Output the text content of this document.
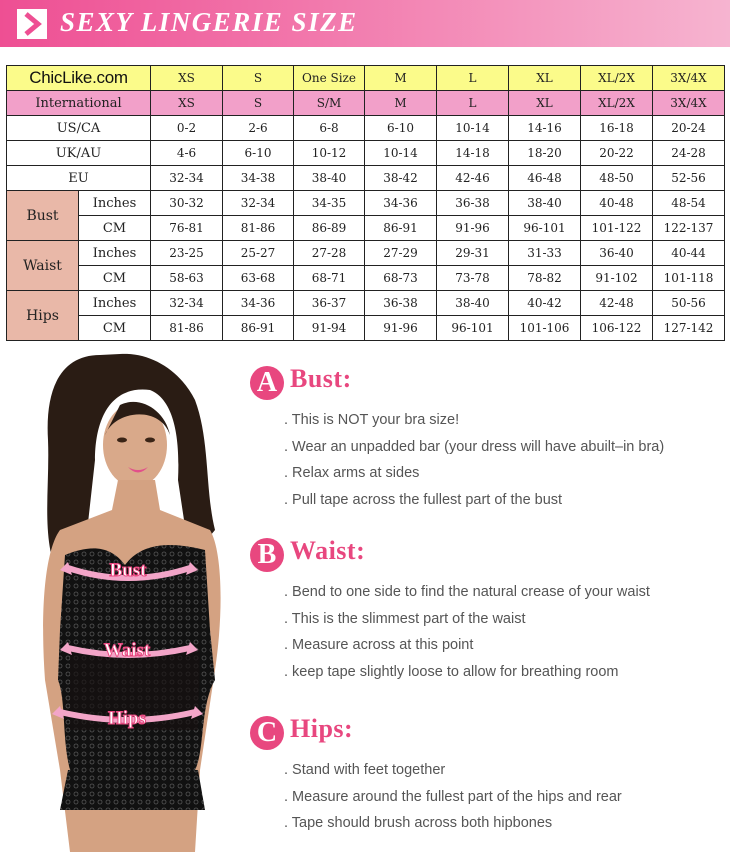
SEXY LINGERIE SIZE
ChicLike.com		XS	S	One Size	M	L	XL	XL/2X	3X/4X
International		XS	S	S/M	M	L	XL	XL/2X	3X/4X
US/CA		0-2	2-6	6-8	6-10	10-14	14-16	16-18	20-24
UK/AU		4-6	6-10	10-12	10-14	14-18	18-20	20-22	24-28
EU		32-34	34-38	38-40	38-42	42-46	46-48	48-50	52-56
Bust	Inches	30-32	32-34	34-35	34-36	36-38	38-40	40-48	48-54
	CM	76-81	81-86	86-89	86-91	91-96	96-101	101-122	122-137
Waist	Inches	23-25	25-27	27-28	27-29	29-31	31-33	36-40	40-44
	CM	58-63	63-68	68-71	68-73	73-78	78-82	91-102	101-118
Hips	Inches	32-34	34-36	36-37	36-38	38-40	40-42	42-48	50-56
	CM	81-86	86-91	91-94	91-96	96-101	101-106	106-122	127-142
Bust
Waist
Hips
A Bust:
. This is NOT your bra size!
. Wear an unpadded bar (your dress will have abuilt–in bra)
. Relax arms at sides
. Pull tape across the fullest part of the bust
B Waist:
. Bend to one side to find the natural crease of your waist
. This is the slimmest part of the waist
. Measure across at this point
. keep tape slightly loose to allow for breathing room
C Hips:
. Stand with feet together
. Measure around the fullest part of the hips and rear
. Tape should brush across both hipbones
